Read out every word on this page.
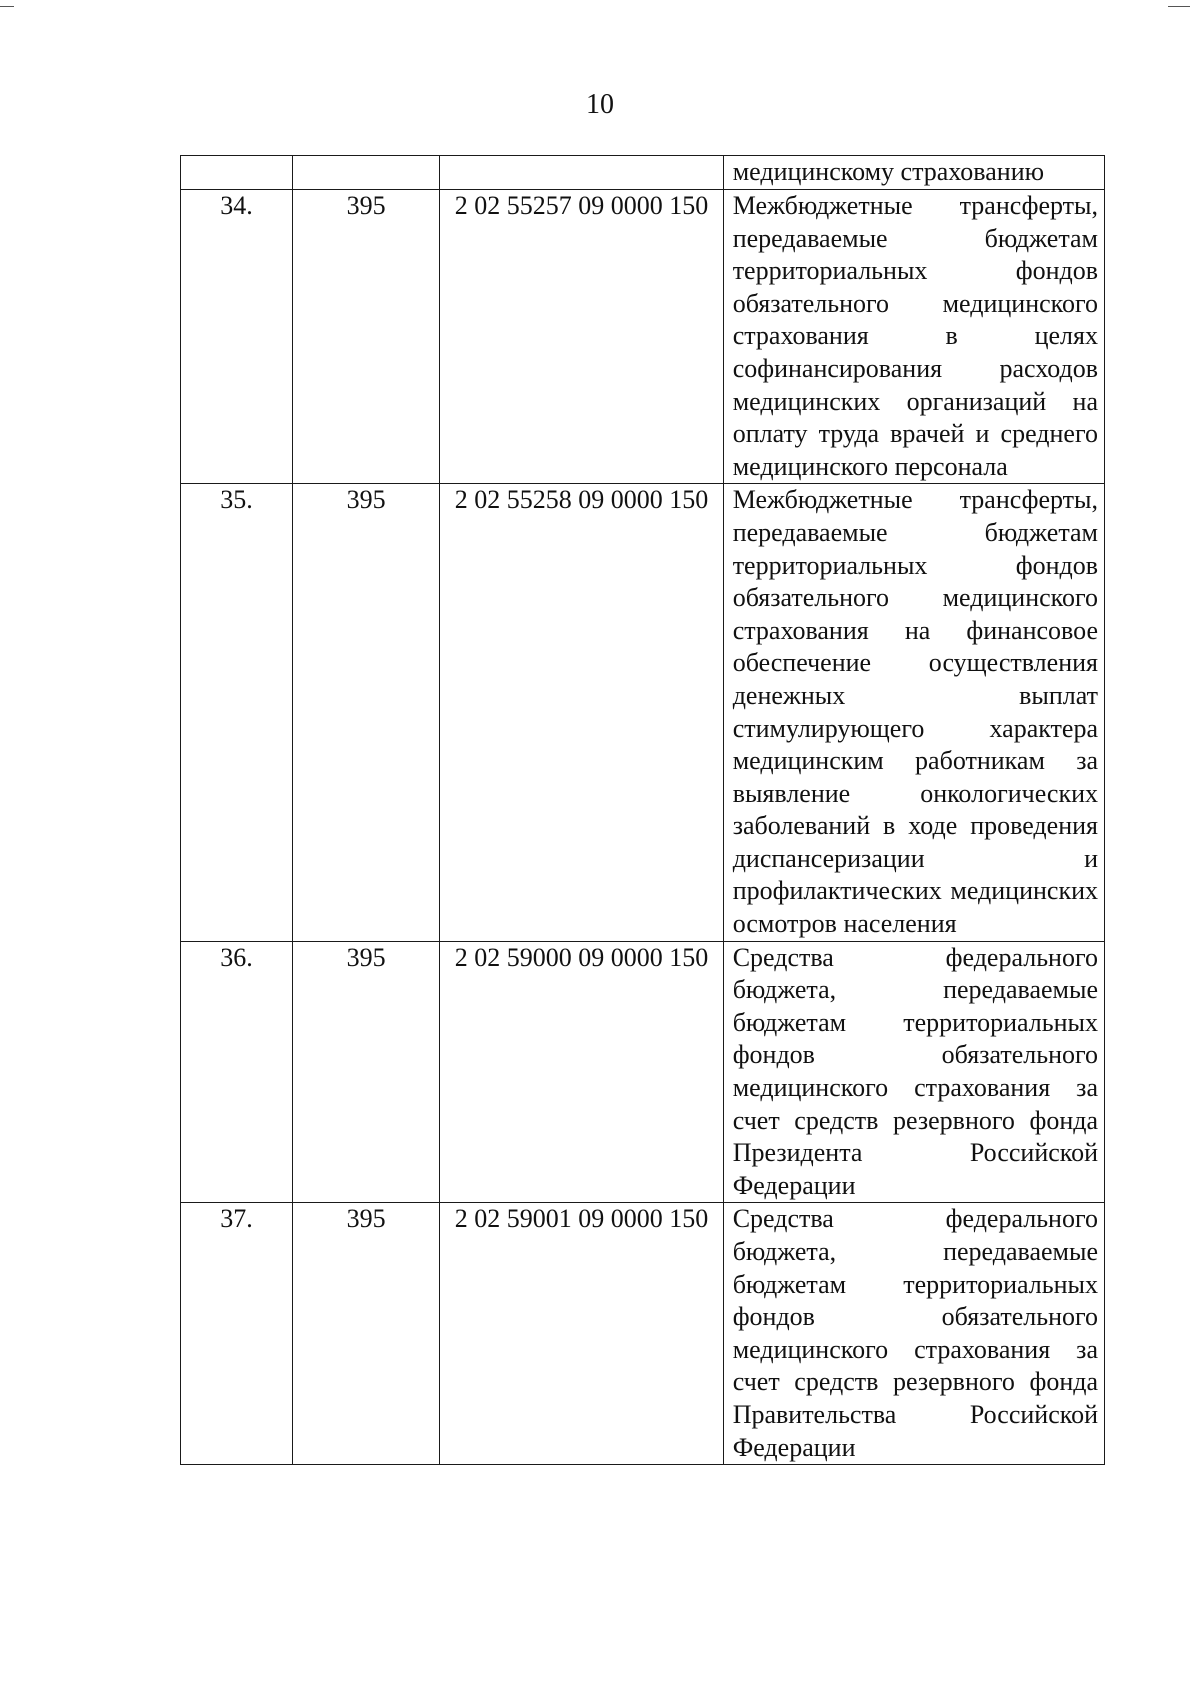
10
			медицинскому страхованию
34.	395	2 02 55257 09 0000 150	Межбюджетные трансферты, передаваемые бюджетам территориальных фондов обязательного медицинского страхования в целях софинансирования расходов медицинских организаций на оплату труда врачей и среднего медицинского персонала
35.	395	2 02 55258 09 0000 150	Межбюджетные трансферты, передаваемые бюджетам территориальных фондов обязательного медицинского страхования на финансовое обеспечение осуществления денежных выплат стимулирующего характера медицинским работникам за выявление онкологических заболеваний в ходе проведения диспансеризации и профилактических медицинских осмотров населения
36.	395	2 02 59000 09 0000 150	Средства федерального бюджета, передаваемые бюджетам территориальных фондов обязательного медицинского страхования за счет средств резервного фонда Президента Российской Федерации
37.	395	2 02 59001 09 0000 150	Средства федерального бюджета, передаваемые бюджетам территориальных фондов обязательного медицинского страхования за счет средств резервного фонда Правительства Российской Федерации
